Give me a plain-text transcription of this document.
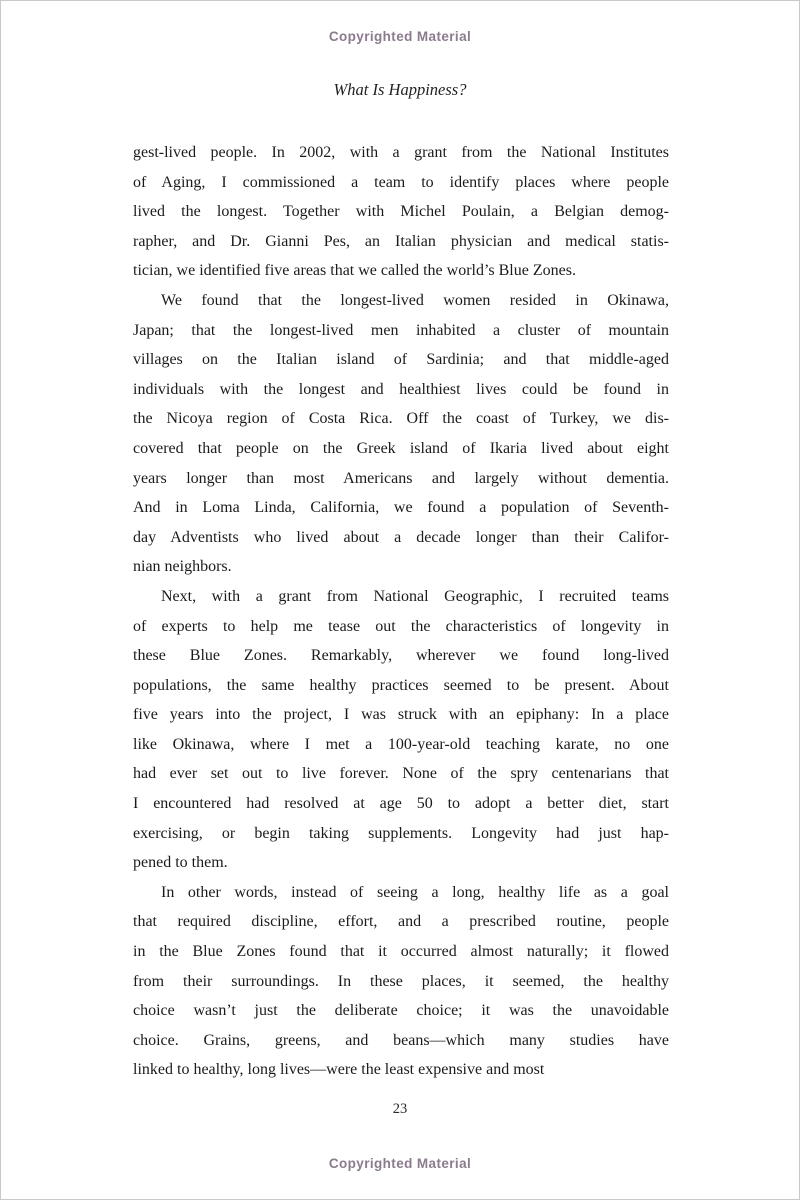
Copyrighted Material
What Is Happiness?
gest-lived people. In 2002, with a grant from the National Institutes
of Aging, I commissioned a team to identify places where people
lived the longest. Together with Michel Poulain, a Belgian demog-
rapher, and Dr. Gianni Pes, an Italian physician and medical statis-
tician, we identified five areas that we called the world’s Blue Zones.
We found that the longest-lived women resided in Okinawa,
Japan; that the longest-lived men inhabited a cluster of mountain
villages on the Italian island of Sardinia; and that middle-aged
individuals with the longest and healthiest lives could be found in
the Nicoya region of Costa Rica. Off the coast of Turkey, we dis-
covered that people on the Greek island of Ikaria lived about eight
years longer than most Americans and largely without dementia.
And in Loma Linda, California, we found a population of Seventh-
day Adventists who lived about a decade longer than their Califor-
nian neighbors.
Next, with a grant from National Geographic, I recruited teams
of experts to help me tease out the characteristics of longevity in
these Blue Zones. Remarkably, wherever we found long-lived
populations, the same healthy practices seemed to be present. About
five years into the project, I was struck with an epiphany: In a place
like Okinawa, where I met a 100-year-old teaching karate, no one
had ever set out to live forever. None of the spry centenarians that
I encountered had resolved at age 50 to adopt a better diet, start
exercising, or begin taking supplements. Longevity had just hap-
pened to them.
In other words, instead of seeing a long, healthy life as a goal
that required discipline, effort, and a prescribed routine, people
in the Blue Zones found that it occurred almost naturally; it flowed
from their surroundings. In these places, it seemed, the healthy
choice wasn’t just the deliberate choice; it was the unavoidable
choice. Grains, greens, and beans—which many studies have
linked to healthy, long lives—were the least expensive and most
23
Copyrighted Material
